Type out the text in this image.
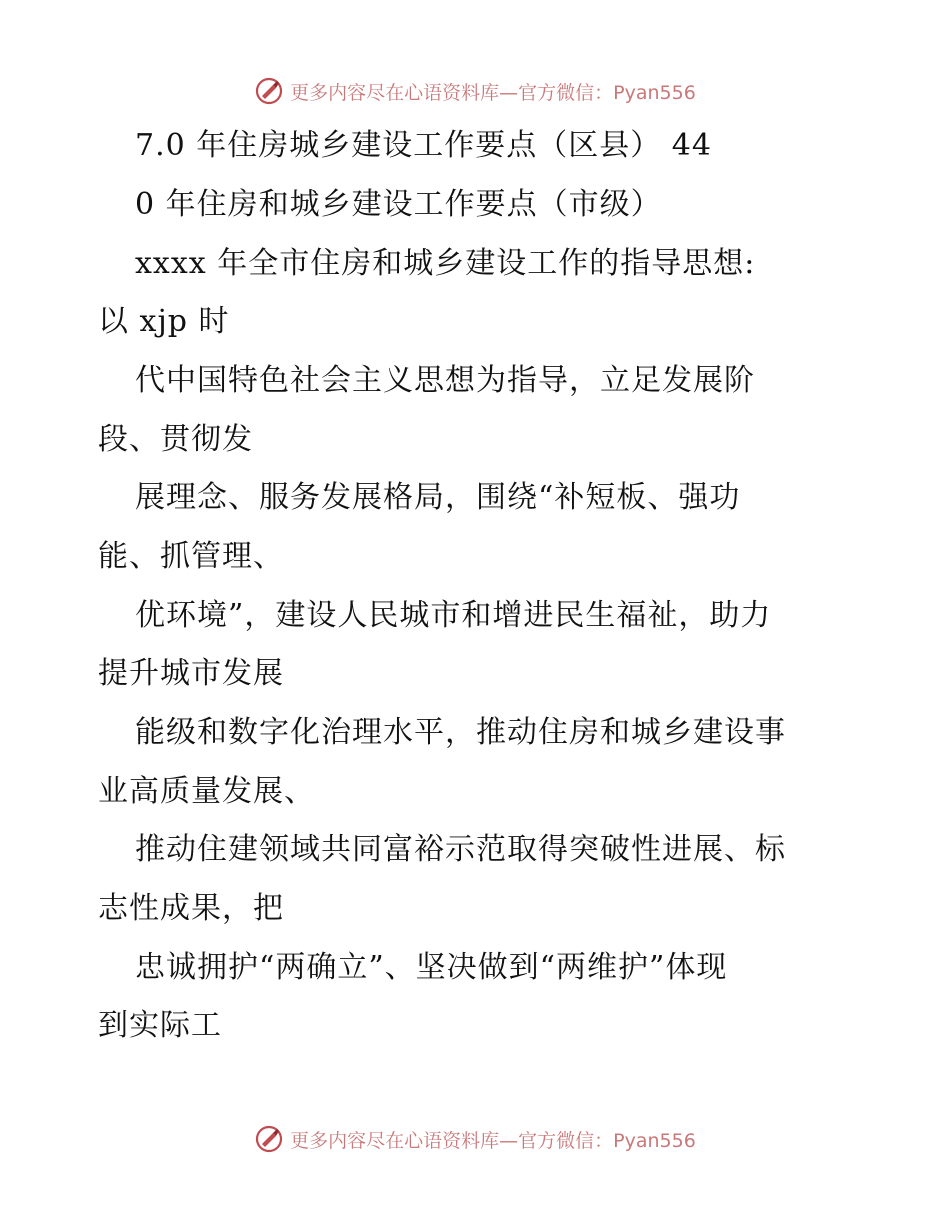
更多内容尽在心语资料库—官方微信：Pyan556
7.0 年住房城乡建设工作要点（区县） 44
0 年住房和城乡建设工作要点（市级）
xxxx 年全市住房和城乡建设工作的指导思想:
以 xjp 时
代中国特色社会主义思想为指导，立足发展阶
段、贯彻发
展理念、服务发展格局，围绕“补短板、强功
能、抓管理、
优环境”，建设人民城市和增进民生福祉，助力
提升城市发展
能级和数字化治理水平，推动住房和城乡建设事
业高质量发展、
推动住建领域共同富裕示范取得突破性进展、标
志性成果，把
忠诚拥护“两确立”、坚决做到“两维护”体现
到实际工
更多内容尽在心语资料库—官方微信：Pyan556
